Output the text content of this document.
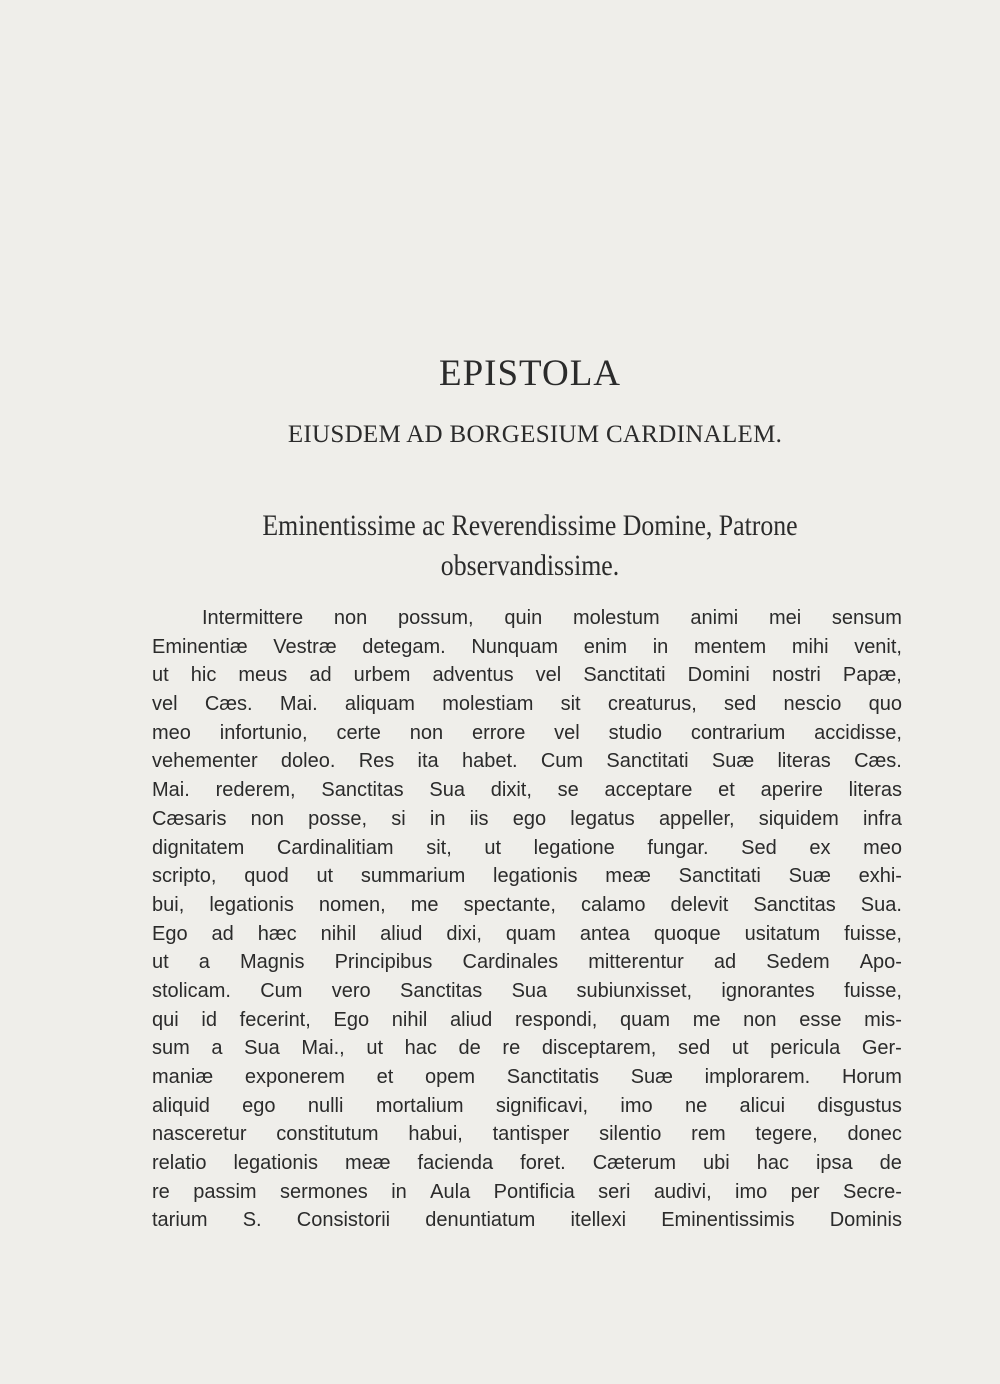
EPISTOLA
EIUSDEM AD BORGESIUM CARDINALEM.
Eminentissime ac Reverendissime Domine, Patrone
observandissime.
Intermittere non possum, quin molestum animi mei sensum
Eminentiæ Vestræ detegam. Nunquam enim in mentem mihi venit,
ut hic meus ad urbem adventus vel Sanctitati Domini nostri Papæ,
vel Cæs. Mai. aliquam molestiam sit creaturus, sed nescio quo
meo infortunio, certe non errore vel studio contrarium accidisse,
vehementer doleo. Res ita habet. Cum Sanctitati Suæ literas Cæs.
Mai. rederem, Sanctitas Sua dixit, se acceptare et aperire literas
Cæsaris non posse, si in iis ego legatus appeller, siquidem infra
dignitatem Cardinalitiam sit, ut legatione fungar. Sed ex meo
scripto, quod ut summarium legationis meæ Sanctitati Suæ exhi-
bui, legationis nomen, me spectante, calamo delevit Sanctitas Sua.
Ego ad hæc nihil aliud dixi, quam antea quoque usitatum fuisse,
ut a Magnis Principibus Cardinales mitterentur ad Sedem Apo-
stolicam. Cum vero Sanctitas Sua subiunxisset, ignorantes fuisse,
qui id fecerint, Ego nihil aliud respondi, quam me non esse mis-
sum a Sua Mai., ut hac de re disceptarem, sed ut pericula Ger-
maniæ exponerem et opem Sanctitatis Suæ implorarem. Horum
aliquid ego nulli mortalium significavi, imo ne alicui disgustus
nasceretur constitutum habui, tantisper silentio rem tegere, donec
relatio legationis meæ facienda foret. Cæterum ubi hac ipsa de
re passim sermones in Aula Pontificia seri audivi, imo per Secre-
tarium S. Consistorii denuntiatum itellexi Eminentissimis Dominis
